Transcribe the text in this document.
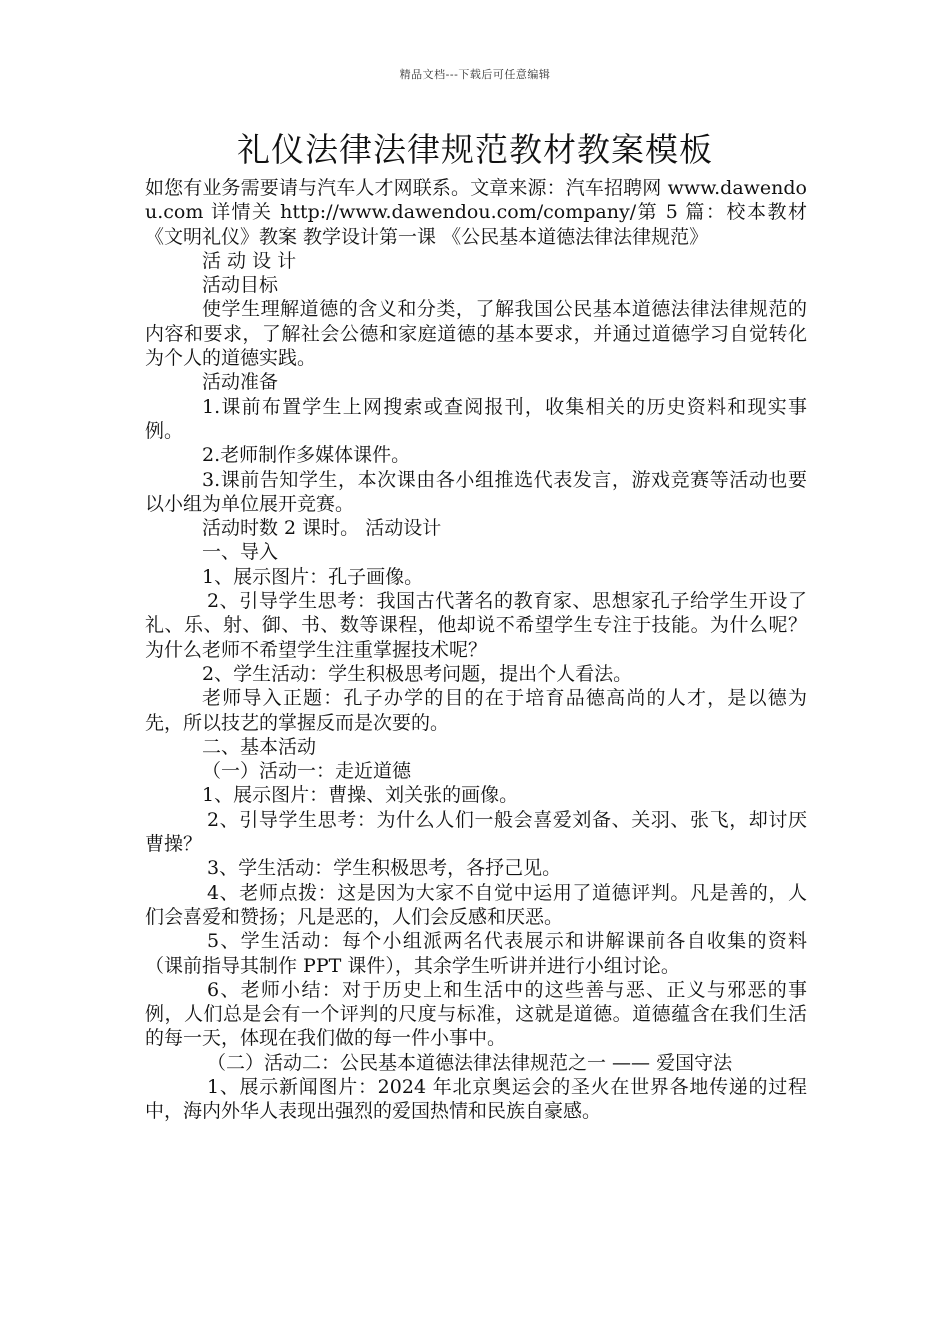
精品文档---下载后可任意编辑
礼仪法律法律规范教材教案模板

如您有业务需要请与汽车人才网联系。文章来源：汽车招聘网 www.dawendou.com 详情关 http://www.dawendou.com/company/第 5 篇：校本教材 《文明礼仪》教案 教学设计第一课 《公民基本道德法律法律规范》

活 动 设 计

活动目标

使学生理解道德的含义和分类，了解我国公民基本道德法律法律规范的内容和要求，了解社会公德和家庭道德的基本要求，并通过道德学习自觉转化为个人的道德实践。

活动准备

1.课前布置学生上网搜索或查阅报刊，收集相关的历史资料和现实事例。

2.老师制作多媒体课件。

3.课前告知学生，本次课由各小组推选代表发言，游戏竞赛等活动也要以小组为单位展开竞赛。

活动时数 2 课时。 活动设计

一、导入

1、展示图片：孔子画像。

2、引导学生思考：我国古代著名的教育家、思想家孔子给学生开设了礼、乐、射、御、书、数等课程，他却说不希望学生专注于技能。为什么呢？为什么老师不希望学生注重掌握技术呢？

2、学生活动：学生积极思考问题，提出个人看法。

老师导入正题：孔子办学的目的在于培育品德高尚的人才，是以德为先，所以技艺的掌握反而是次要的。

二、基本活动

（一）活动一：走近道德

1、展示图片：曹操、刘关张的画像。

2、引导学生思考：为什么人们一般会喜爱刘备、关羽、张飞，却讨厌曹操？

3、学生活动：学生积极思考，各抒己见。

4、老师点拨：这是因为大家不自觉中运用了道德评判。凡是善的，人们会喜爱和赞扬；凡是恶的，人们会反感和厌恶。

5、学生活动：每个小组派两名代表展示和讲解课前各自收集的资料（课前指导其制作 PPT 课件），其余学生听讲并进行小组讨论。

6、老师小结：对于历史上和生活中的这些善与恶、正义与邪恶的事例，人们总是会有一个评判的尺度与标准，这就是道德。道德蕴含在我们生活的每一天，体现在我们做的每一件小事中。

（二）活动二：公民基本道德法律法律规范之一 —— 爱国守法

1、展示新闻图片：2024 年北京奥运会的圣火在世界各地传递的过程中，海内外华人表现出强烈的爱国热情和民族自豪感。
